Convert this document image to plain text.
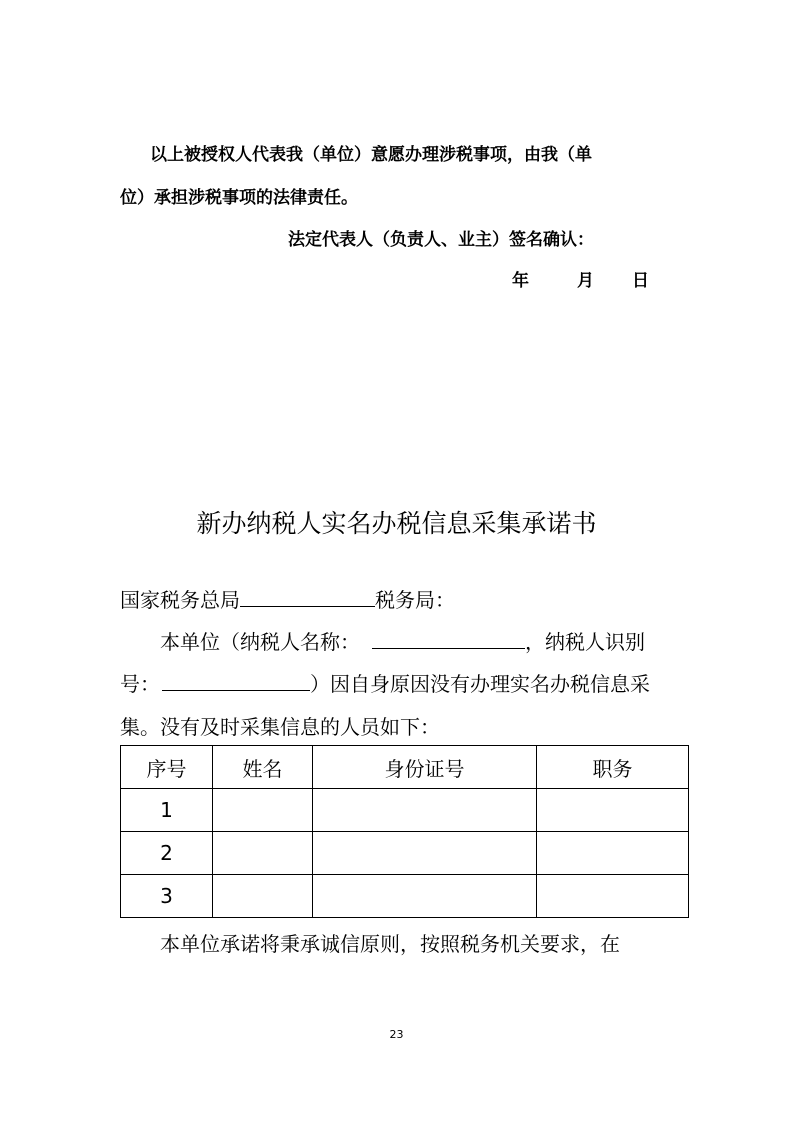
以上被授权人代表我（单位）意愿办理涉税事项，由我（单
位）承担涉税事项的法律责任。
法定代表人（负责人、业主）签名确认：
年	月 日
新办纳税人实名办税信息采集承诺书
国家税务总局	税务局：
本单位（纳税人名称：	，纳税人识别
号：	）因自身原因没有办理实名办税信息采
集。没有及时采集信息的人员如下：
序号	姓名	身份证号	职务
1			
2			
3			
本单位承诺将秉承诚信原则，按照税务机关要求，在
23
